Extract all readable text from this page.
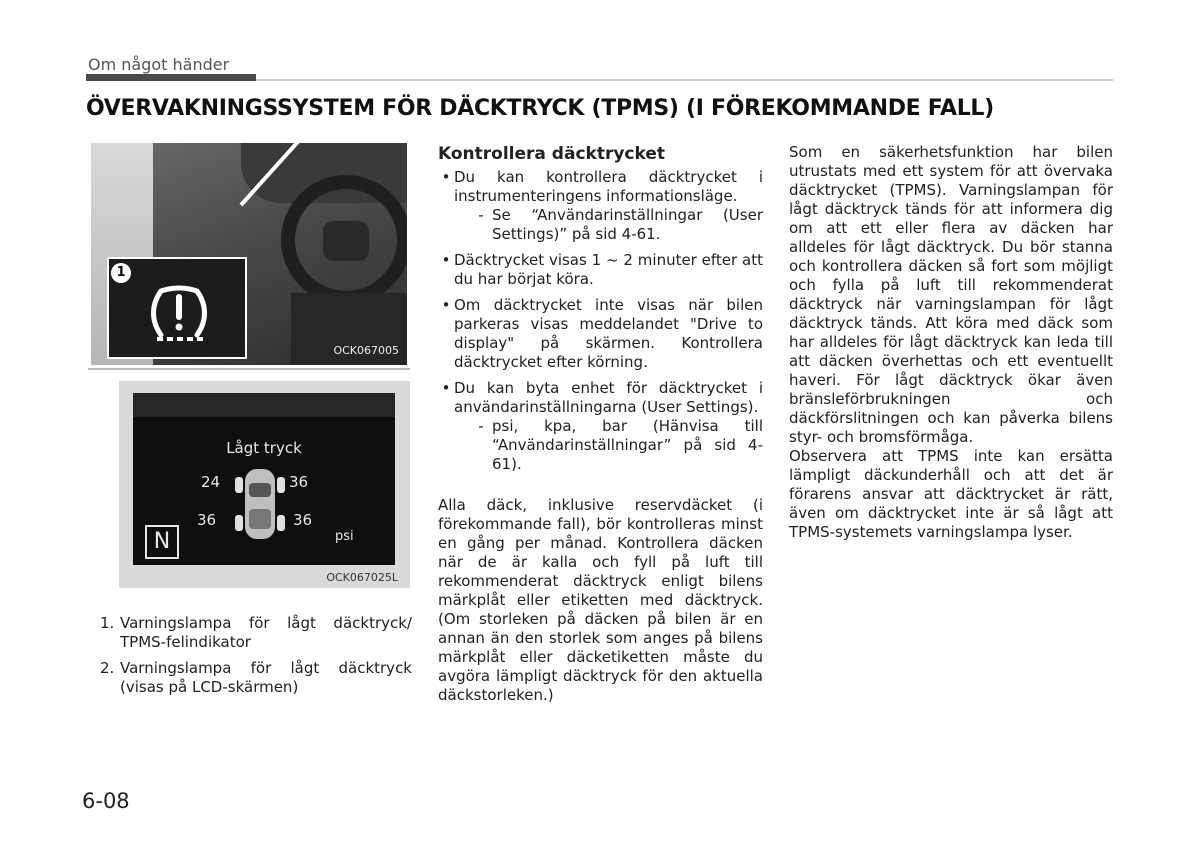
Om något händer
ÖVERVAKNINGSSYSTEM FÖR DÄCKTRYCK (TPMS) (I FÖREKOMMANDE FALL)
1
OCK067005
Lågt tryck
24	36
36	36
N	psi
OCK067025L
1. Varningslampa för lågt däcktryck/ TPMS-felindikator
2. Varningslampa för lågt däcktryck (visas på LCD-skärmen)
Kontrollera däcktrycket
• Du kan kontrollera däcktrycket i instrumenteringens informationsläge.
- Se “Användarinställningar (User Settings)” på sid 4-61.
• Däcktrycket visas 1 ~ 2 minuter efter att du har börjat köra.
• Om däcktrycket inte visas när bilen parkeras visas meddelandet "Drive to display" på skärmen. Kontrollera däcktrycket efter körning.
• Du kan byta enhet för däcktrycket i användarinställningarna (User Settings).
- psi, kpa, bar (Hänvisa till “Användarinställningar” på sid 4-61).
Alla däck, inklusive reservdäcket (i förekommande fall), bör kontrolleras minst en gång per månad. Kontrollera däcken när de är kalla och fyll på luft till rekommenderat däcktryck enligt bilens märkplåt eller etiketten med däcktryck. (Om storleken på däcken på bilen är en annan än den storlek som anges på bilens märkplåt eller däcketiketten måste du avgöra lämpligt däcktryck för den aktuella däckstorleken.)

Som en säkerhetsfunktion har bilen utrustats med ett system för att övervaka däcktrycket (TPMS). Varningslampan för lågt däcktryck tänds för att informera dig om att ett eller flera av däcken har alldeles för lågt däcktryck. Du bör stanna och kontrollera däcken så fort som möjligt och fylla på luft till rekommenderat däcktryck när varningslampan för lågt däcktryck tänds. Att köra med däck som har alldeles för lågt däcktryck kan leda till att däcken överhettas och ett eventuellt haveri. För lågt däcktryck ökar även bränsleförbrukningen och däckförslitningen och kan påverka bilens styr- och bromsförmåga.

Observera att TPMS inte kan ersätta lämpligt däckunderhåll och att det är förarens ansvar att däcktrycket är rätt, även om däcktrycket inte är så lågt att TPMS-systemets varningslampa lyser.

6-08
